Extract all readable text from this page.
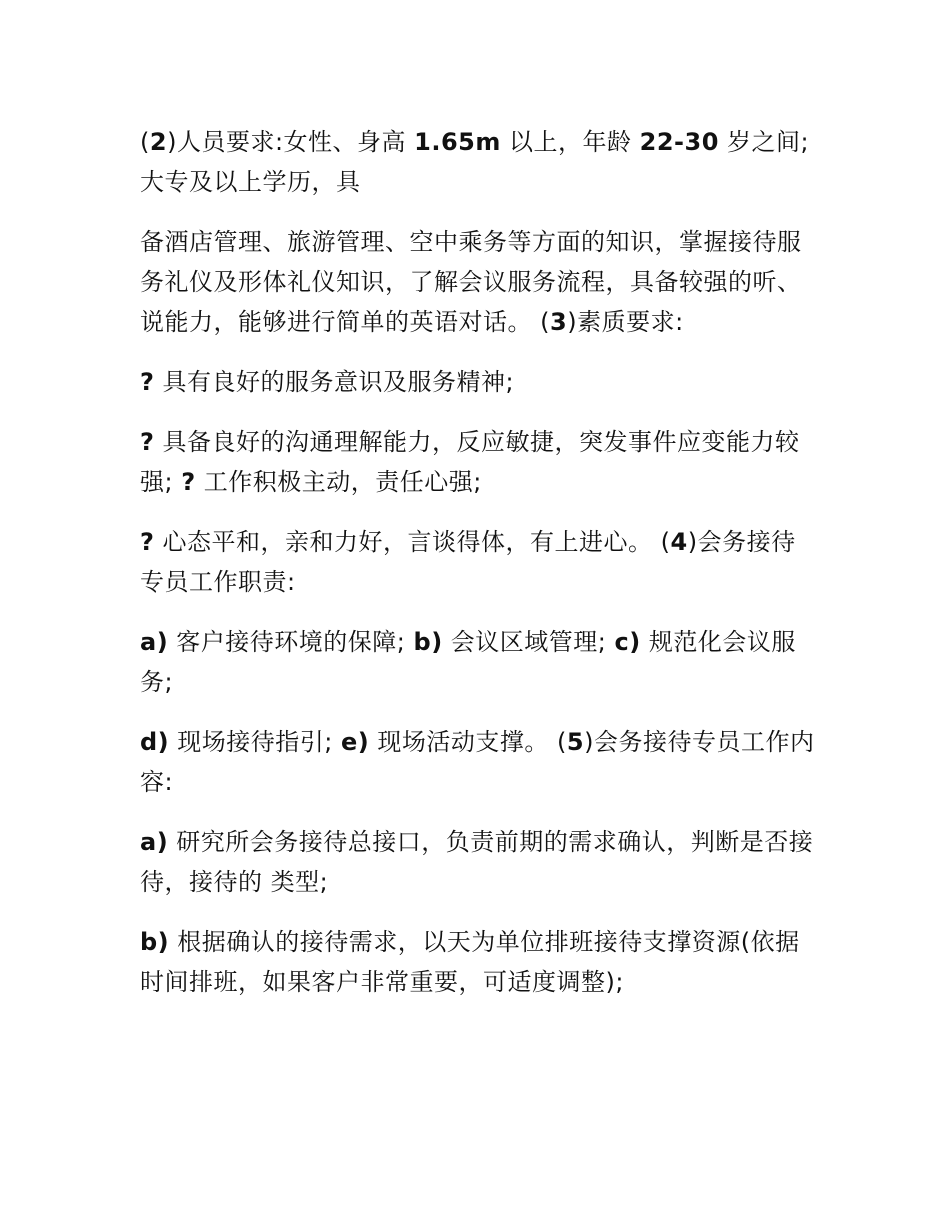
(2)人员要求:女性、身高 1.65m 以上，年龄 22-30 岁之间;大专及以上学历，具

备酒店管理、旅游管理、空中乘务等方面的知识，掌握接待服务礼仪及形体礼仪知识，了解会议服务流程，具备较强的听、说能力，能够进行简单的英语对话。 (3)素质要求:

? 具有良好的服务意识及服务精神;

? 具备良好的沟通理解能力，反应敏捷，突发事件应变能力较强; ? 工作积极主动，责任心强;

? 心态平和，亲和力好，言谈得体，有上进心。 (4)会务接待专员工作职责:

a) 客户接待环境的保障; b) 会议区域管理; c) 规范化会议服务;

d) 现场接待指引; e) 现场活动支撑。 (5)会务接待专员工作内容:

a) 研究所会务接待总接口，负责前期的需求确认，判断是否接待，接待的 类型;

b) 根据确认的接待需求，以天为单位排班接待支撑资源(依据时间排班，如果客户非常重要，可适度调整);
